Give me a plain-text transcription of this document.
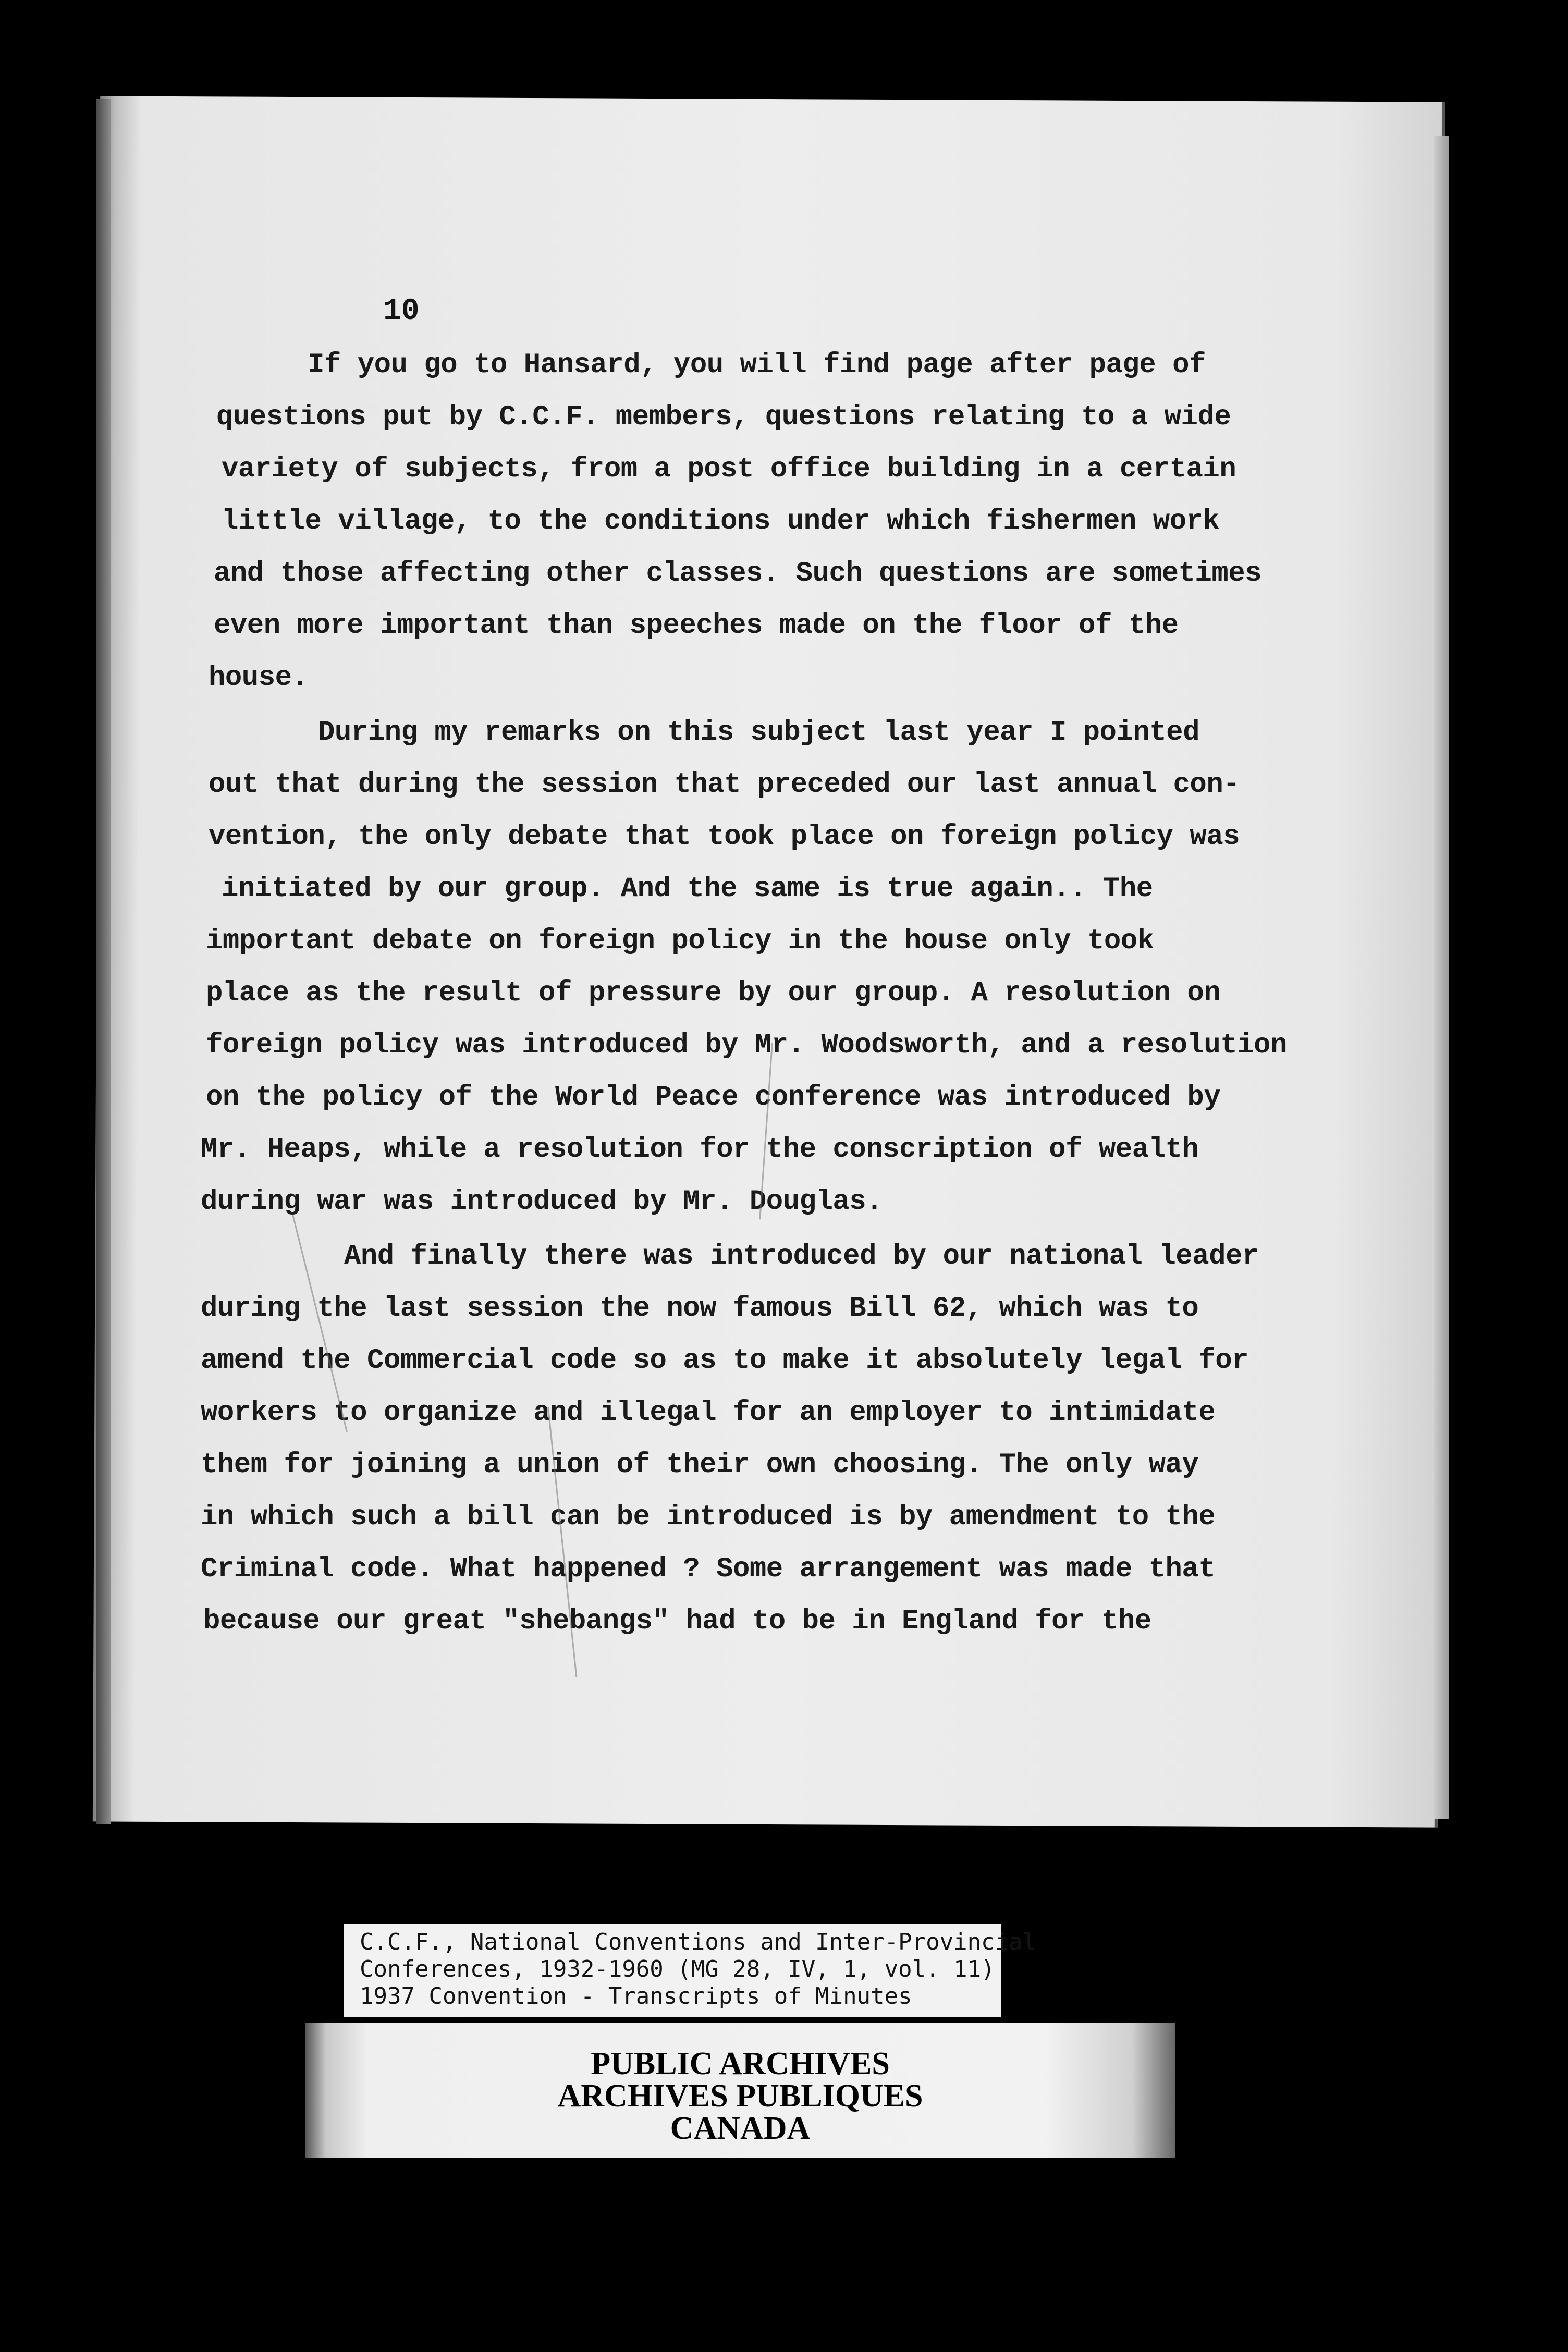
10
If you go to Hansard, you will find page after page of
questions put by C.C.F. members, questions relating to a wide
variety of subjects, from a post office building in a certain
little village, to the conditions under which fishermen work
and those affecting other classes. Such questions are sometimes
even more important than speeches made on the floor of the
house.
During my remarks on this subject last year I pointed
out that during the session that preceded our last annual con-
vention, the only debate that took place on foreign policy was
initiated by our group. And the same is true again.. The
important debate on foreign policy in the house only took
place as the result of pressure by our group. A resolution on
foreign policy was introduced by Mr. Woodsworth, and a resolution
on the policy of the World Peace conference was introduced by
Mr. Heaps, while a resolution for the conscription of wealth
during war was introduced by Mr. Douglas.
And finally there was introduced by our national leader
during the last session the now famous Bill 62, which was to
amend the Commercial code so as to make it absolutely legal for
workers to organize and illegal for an employer to intimidate
them for joining a union of their own choosing. The only way
in which such a bill can be introduced is by amendment to the
Criminal code. What happened ? Some arrangement was made that
because our great "shebangs" had to be in England for the
C.C.F., National Conventions and Inter-Provincial
Conferences, 1932-1960 (MG 28, IV, 1, vol. 11)
1937 Convention - Transcripts of Minutes
PUBLIC ARCHIVES
ARCHIVES PUBLIQUES
CANADA
